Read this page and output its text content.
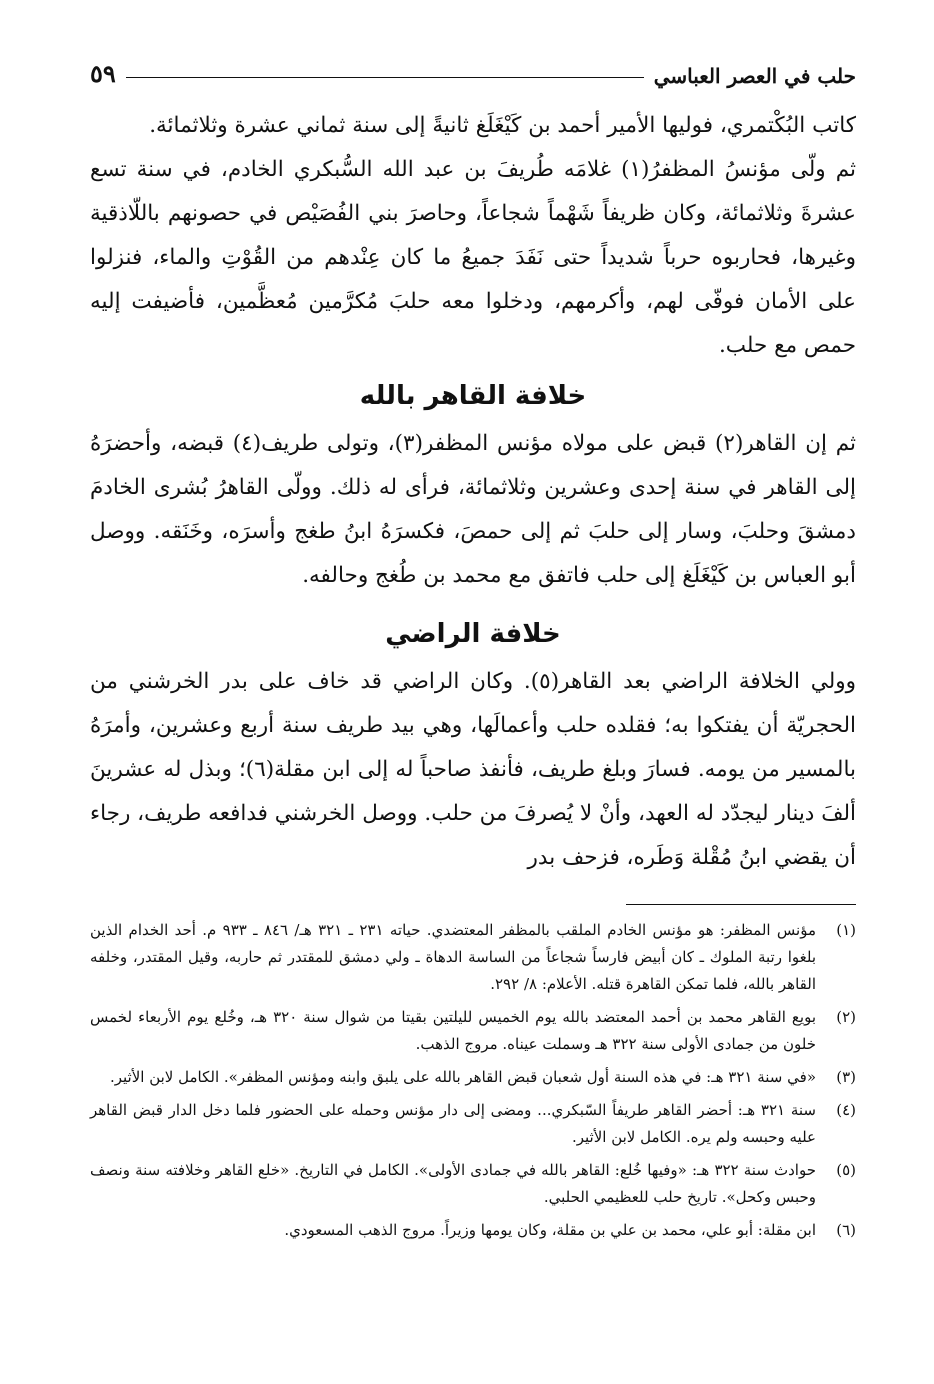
حلب في العصر العباسي
٥٩

كاتب البُكْتمري، فوليها الأمير أحمد بن كَيْغَلَغ ثانيةً إلى سنة ثماني عشرة وثلاثمائة.

ثم ولّى مؤنسُ المظفرُ(١) غلامَه طُريفَ بن عبد الله السُّبكري الخادم، في سنة تسع عشرةَ وثلاثمائة، وكان ظريفاً شَهْماً شجاعاً، وحاصرَ بني الفُصَيْص في حصونهم باللّاذقية وغيرها، فحاربوه حرباً شديداً حتى نَفَدَ جميعُ ما كان عِنْدهم من القُوْتِ والماء، فنزلوا على الأمان فوفّى لهم، وأكرمهم، ودخلوا معه حلبَ مُكرَّمين مُعظَّمين، فأضيفت إليه حمص مع حلب.

خلافة القاهر بالله

ثم إن القاهر(٢) قبض على مولاه مؤنس المظفر(٣)، وتولى طريف(٤) قبضه، وأحضرَهُ إلى القاهر في سنة إحدى وعشرين وثلاثمائة، فرأى له ذلك. وولّى القاهرُ بُشرى الخادمَ دمشقَ وحلبَ، وسار إلى حلبَ ثم إلى حمصَ، فكسرَهُ ابنُ طغج وأسرَه، وخَنَقه. ووصل أبو العباس بن كَيْغَلَغ إلى حلب فاتفق مع محمد بن طُغج وحالفه.

خلافة الراضي

وولي الخلافة الراضي بعد القاهر(٥). وكان الراضي قد خاف على بدر الخرشني من الحجريّة أن يفتكوا به؛ فقلده حلب وأعمالَها، وهي بيد طريف سنة أربع وعشرين، وأمرَهُ بالمسير من يومه. فسارَ وبلغ طريف، فأنفذ صاحباً له إلى ابن مقلة(٦)؛ وبذل له عشرينَ ألفَ دينار ليجدّد له العهد، وأنْ لا يُصرفَ من حلب. ووصل الخرشني فدافعه طريف، رجاء أن يقضي ابنُ مُقْلة وَطَره، فزحف بدر

(١)
مؤنس المظفر: هو مؤنس الخادم الملقب بالمظفر المعتضدي. حياته ٢٣١ ـ ٣٢١ هـ/ ٨٤٦ ـ ٩٣٣ م. أحد الخدام الذين بلغوا رتبة الملوك ـ كان أبيض فارساً شجاعاً من الساسة الدهاة ـ ولي دمشق للمقتدر ثم حاربه، وقيل المقتدر، وخلفه القاهر بالله، فلما تمكن القاهرة قتله. الأعلام: ٨/ ٢٩٢.
(٢)
بويع القاهر محمد بن أحمد المعتضد بالله يوم الخميس لليلتين بقيتا من شوال سنة ٣٢٠ هـ، وخُلع يوم الأربعاء لخمس خلون من جمادى الأولى سنة ٣٢٢ هـ وسملت عيناه. مروج الذهب.
(٣)
«في سنة ٣٢١ هـ: في هذه السنة أول شعبان قبض القاهر بالله على يلبق وابنه ومؤنس المظفر». الكامل لابن الأثير.
(٤)
سنة ٣٢١ هـ: أحضر القاهر طريفاً السّبكري... ومضى إلى دار مؤنس وحمله على الحضور فلما دخل الدار قبض القاهر عليه وحبسه ولم يره. الكامل لابن الأثير.
(٥)
حوادث سنة ٣٢٢ هـ: «وفيها خُلع: القاهر بالله في جمادى الأولى». الكامل في التاريخ. «خلع القاهر وخلافته سنة ونصف وحبس وكحل». تاريخ حلب للعظيمي الحلبي.
(٦)
ابن مقلة: أبو علي، محمد بن علي بن مقلة، وكان يومها وزيراً. مروج الذهب المسعودي.
